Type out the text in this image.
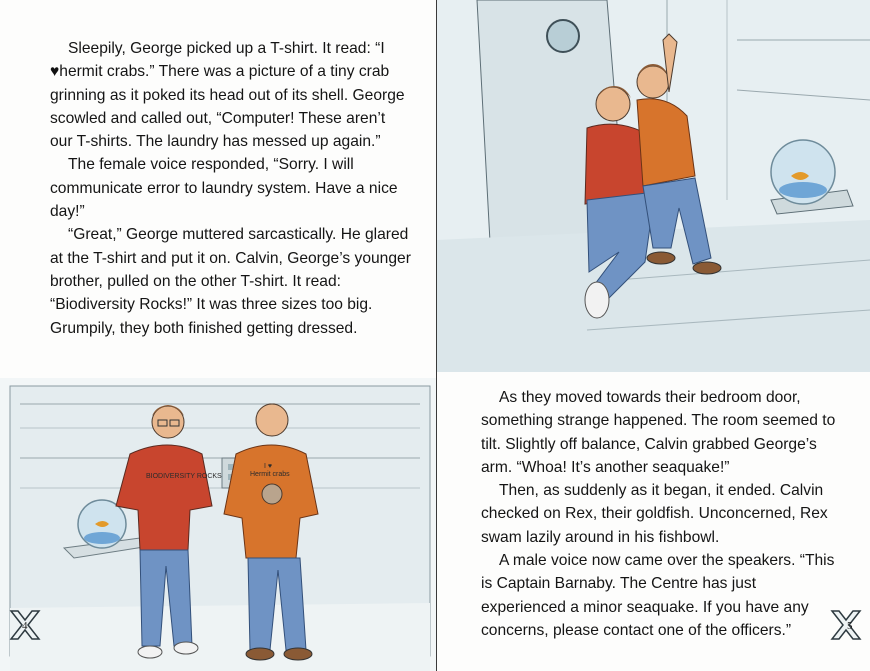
Sleepily, George picked up a T-shirt. It read: “I ♥hermit crabs.” There was a picture of a tiny crab grinning as it poked its head out of its shell. George scowled and called out, “Computer! These aren’t our T-shirts. The laundry has messed up again.”

The female voice responded, “Sorry. I will communicate error to laundry system. Have a nice day!”

“Great,” George muttered sarcastically. He glared at the T-shirt and put it on. Calvin, George’s younger brother, pulled on the other T-shirt. It read: “Biodiversity Rocks!” It was three sizes too big. Grumpily, they both finished getting dressed.

BIODIVERSITY ROCKS
I ♥
Hermit crabs
4

As they moved towards their bedroom door, something strange happened. The room seemed to tilt. Slightly off balance, Calvin grabbed George’s arm. “Whoa! It’s another seaquake!”

Then, as suddenly as it began, it ended. Calvin checked on Rex, their goldfish. Unconcerned, Rex swam lazily around in his fishbowl.

A male voice now came over the speakers. “This is Captain Barnaby. The Centre has just experienced a minor seaquake. If you have any concerns, please contact one of the officers.”	5
